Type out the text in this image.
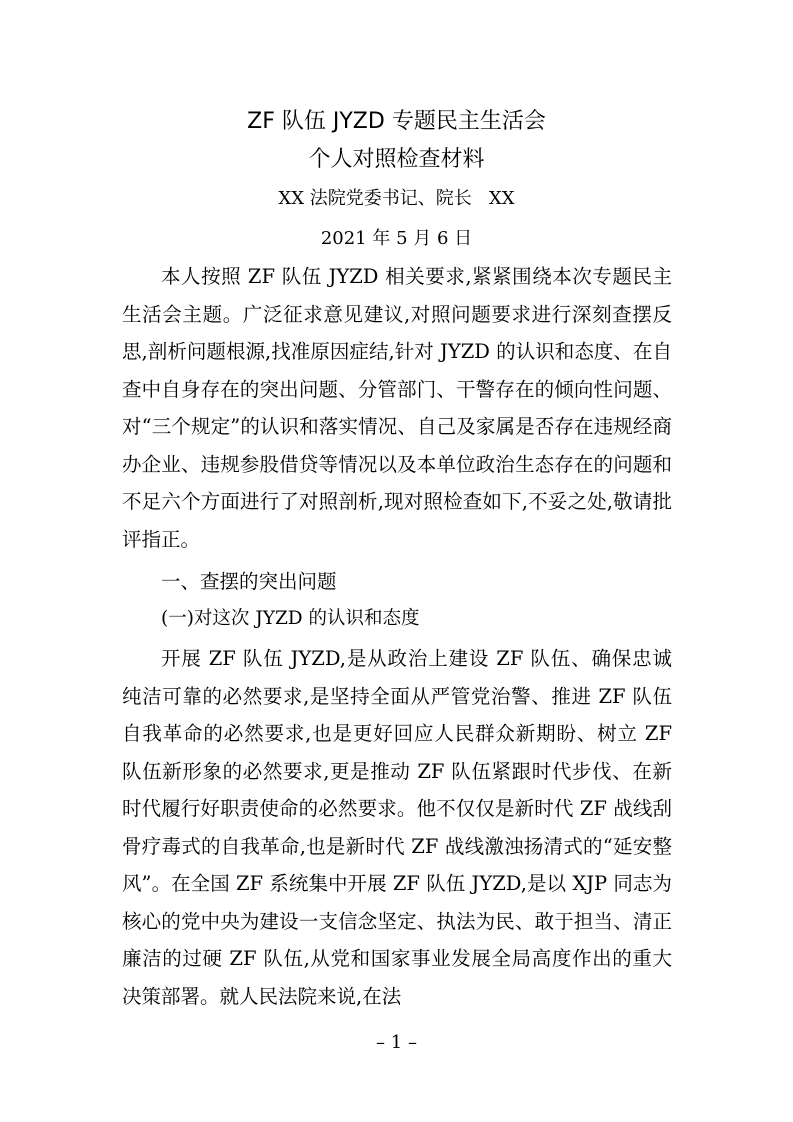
ZF 队伍 JYZD 专题民主生活会
个人对照检查材料
XX 法院党委书记、院长   XX
2021 年 5 月 6 日

本人按照 ZF 队伍 JYZD 相关要求,紧紧围绕本次专题民主生活会主题。广泛征求意见建议,对照问题要求进行深刻查摆反思,剖析问题根源,找准原因症结,针对 JYZD 的认识和态度、在自查中自身存在的突出问题、分管部门、干警存在的倾向性问题、对“三个规定”的认识和落实情况、自己及家属是否存在违规经商办企业、违规参股借贷等情况以及本单位政治生态存在的问题和不足六个方面进行了对照剖析,现对照检查如下,不妥之处,敬请批评指正。

一、查摆的突出问题
(一)对这次 JYZD 的认识和态度

开展 ZF 队伍 JYZD,是从政治上建设 ZF 队伍、确保忠诚纯洁可靠的必然要求,是坚持全面从严管党治警、推进 ZF 队伍自我革命的必然要求,也是更好回应人民群众新期盼、树立 ZF 队伍新形象的必然要求,更是推动 ZF 队伍紧跟时代步伐、在新时代履行好职责使命的必然要求。他不仅仅是新时代 ZF 战线刮骨疗毒式的自我革命,也是新时代 ZF 战线激浊扬清式的“延安整风”。在全国 ZF 系统集中开展 ZF 队伍 JYZD,是以 XJP 同志为核心的党中央为建设一支信念坚定、执法为民、敢于担当、清正廉洁的过硬 ZF 队伍,从党和国家事业发展全局高度作出的重大决策部署。就人民法院来说,在法

– 1 –
